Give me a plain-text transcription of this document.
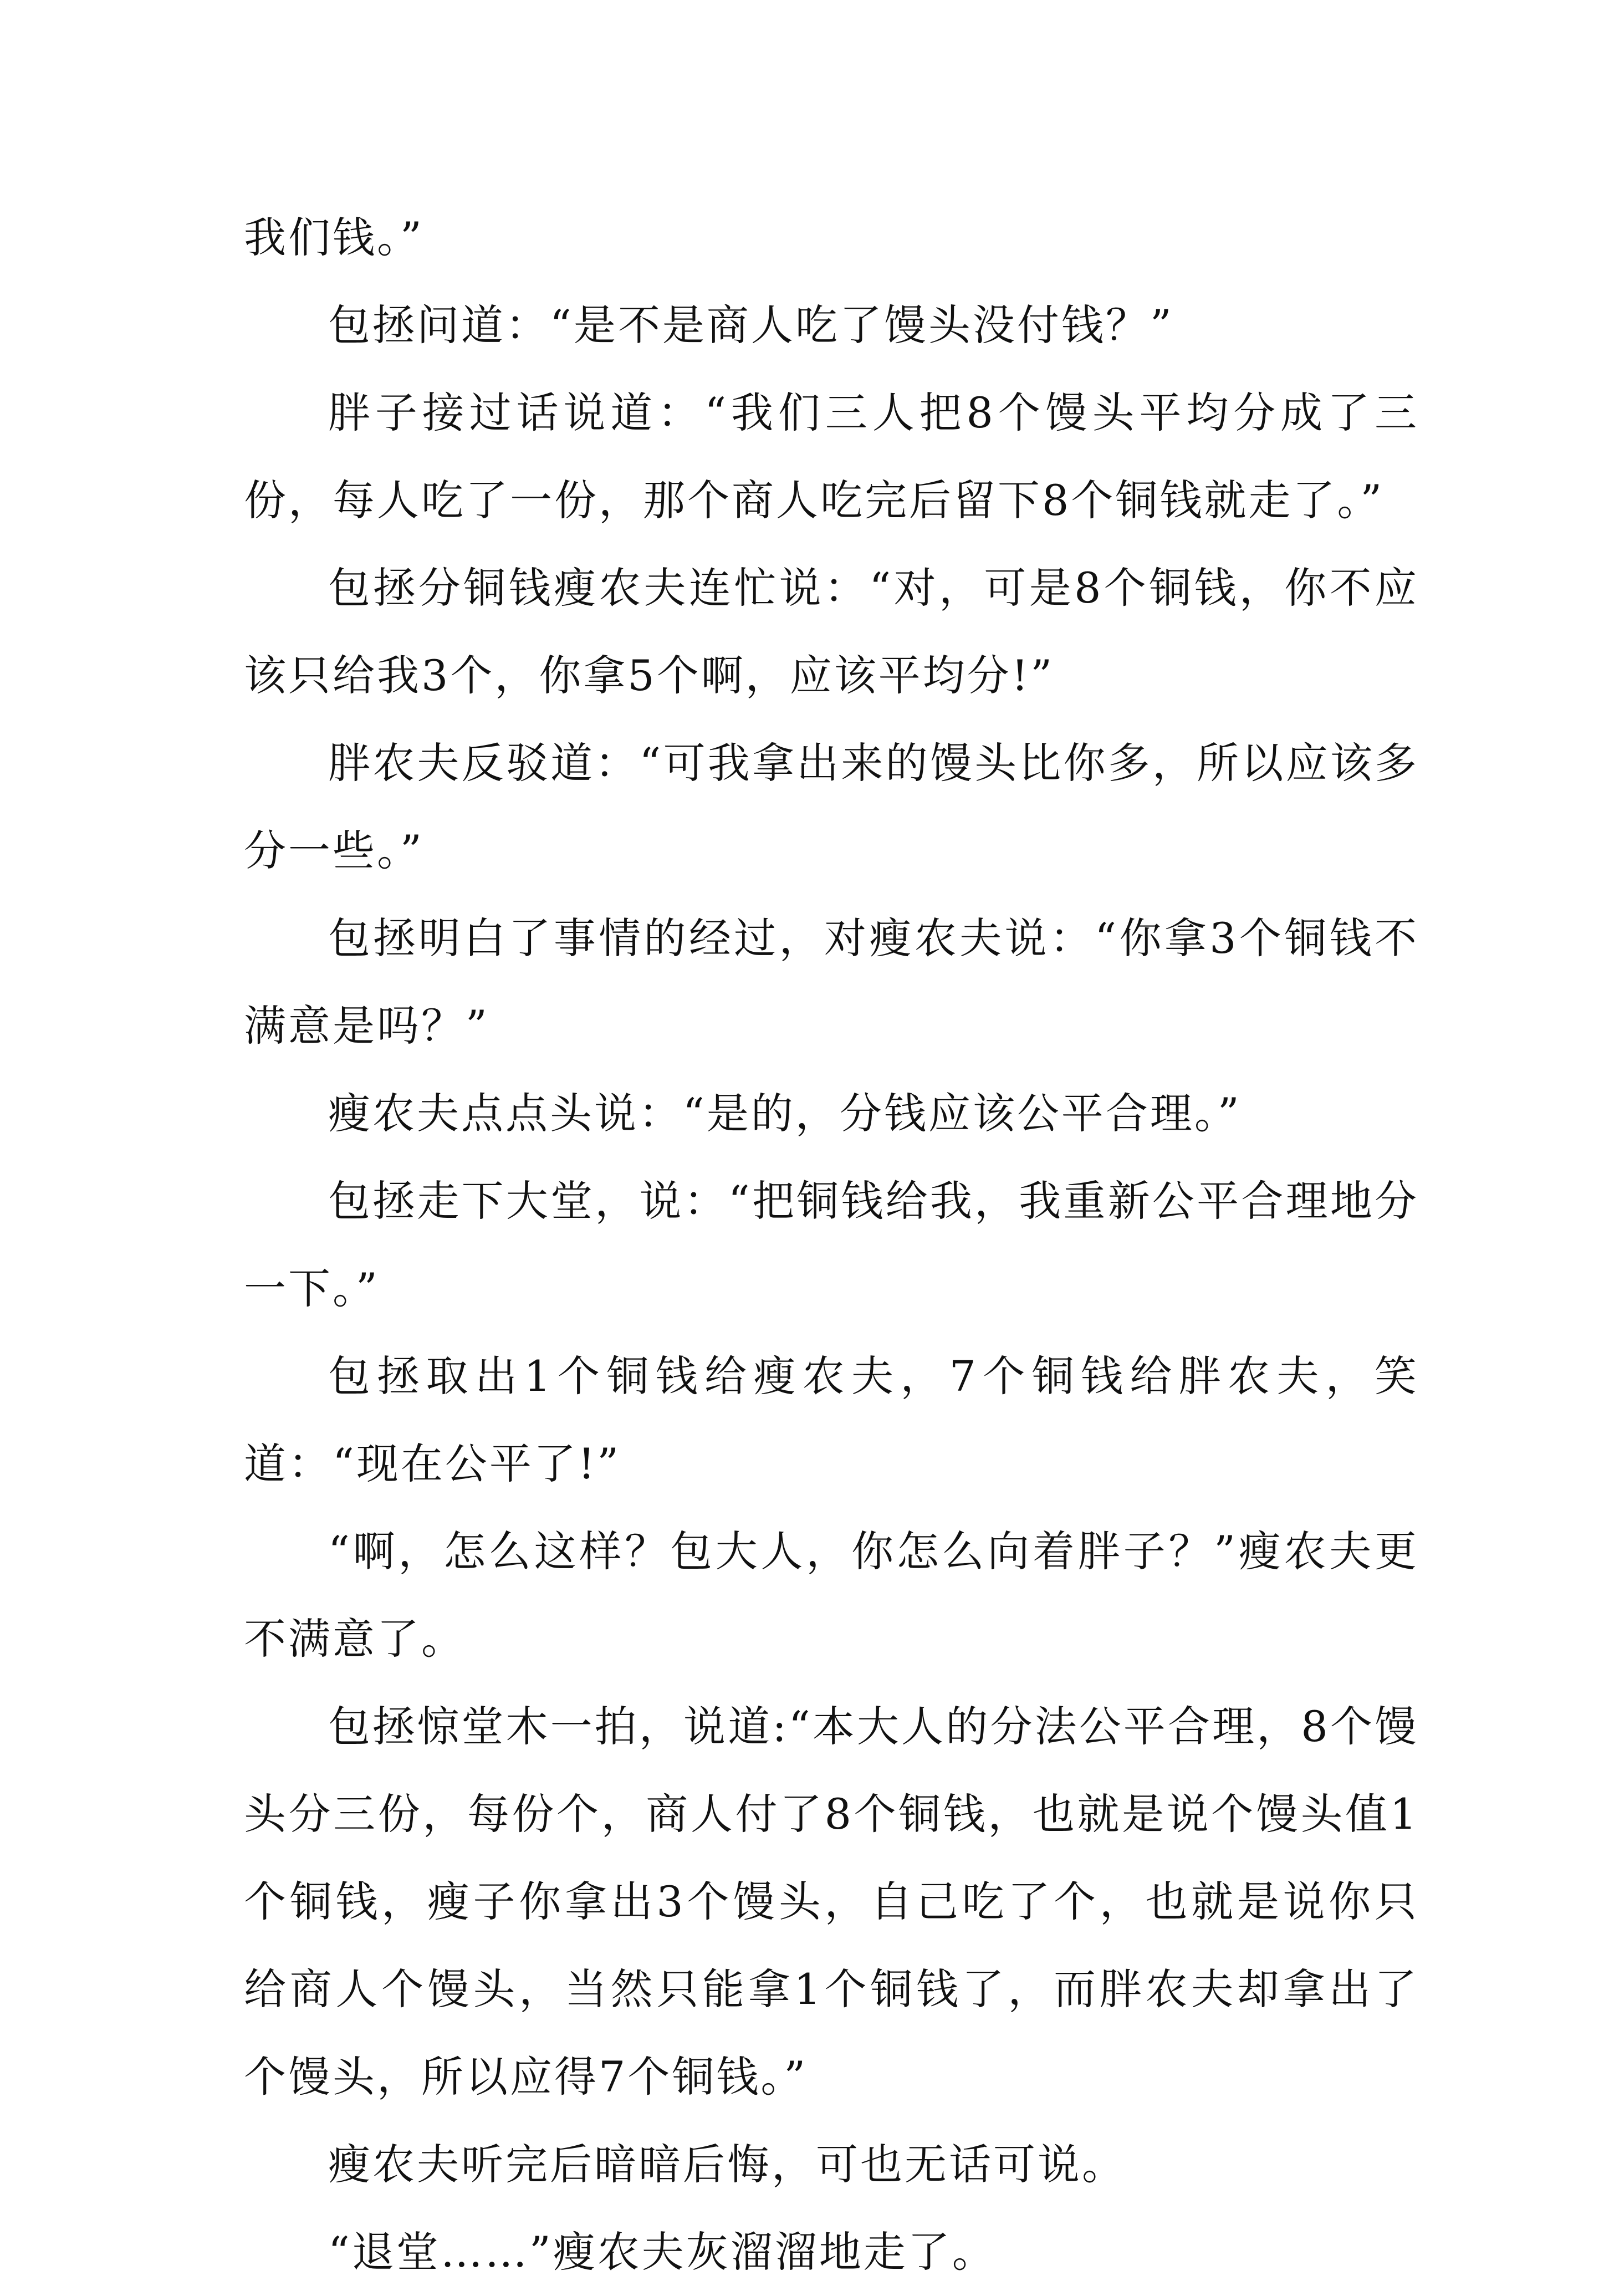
我们钱。”

包拯问道：“是不是商人吃了馒头没付钱？”

胖子接过话说道：“我们三人把8个馒头平均分成了三份，每人吃了一份，那个商人吃完后留下8个铜钱就走了。”

包拯分铜钱瘦农夫连忙说：“对，可是8个铜钱，你不应该只给我3个，你拿5个啊，应该平均分!”

胖农夫反驳道：“可我拿出来的馒头比你多，所以应该多分一些。”

包拯明白了事情的经过，对瘦农夫说：“你拿3个铜钱不满意是吗？”

瘦农夫点点头说：“是的，分钱应该公平合理。”

包拯走下大堂，说：“把铜钱给我，我重新公平合理地分一下。”

包拯取出1个铜钱给瘦农夫，7个铜钱给胖农夫，笑道：“现在公平了!”

“啊，怎么这样？包大人，你怎么向着胖子？”瘦农夫更不满意了。

包拯惊堂木一拍，说道:“本大人的分法公平合理，8个馒头分三份，每份个，商人付了8个铜钱，也就是说个馒头值1个铜钱，瘦子你拿出3个馒头，自己吃了个，也就是说你只给商人个馒头，当然只能拿1个铜钱了，而胖农夫却拿出了个馒头，所以应得7个铜钱。”

瘦农夫听完后暗暗后悔，可也无话可说。

“退堂……”瘦农夫灰溜溜地走了。
